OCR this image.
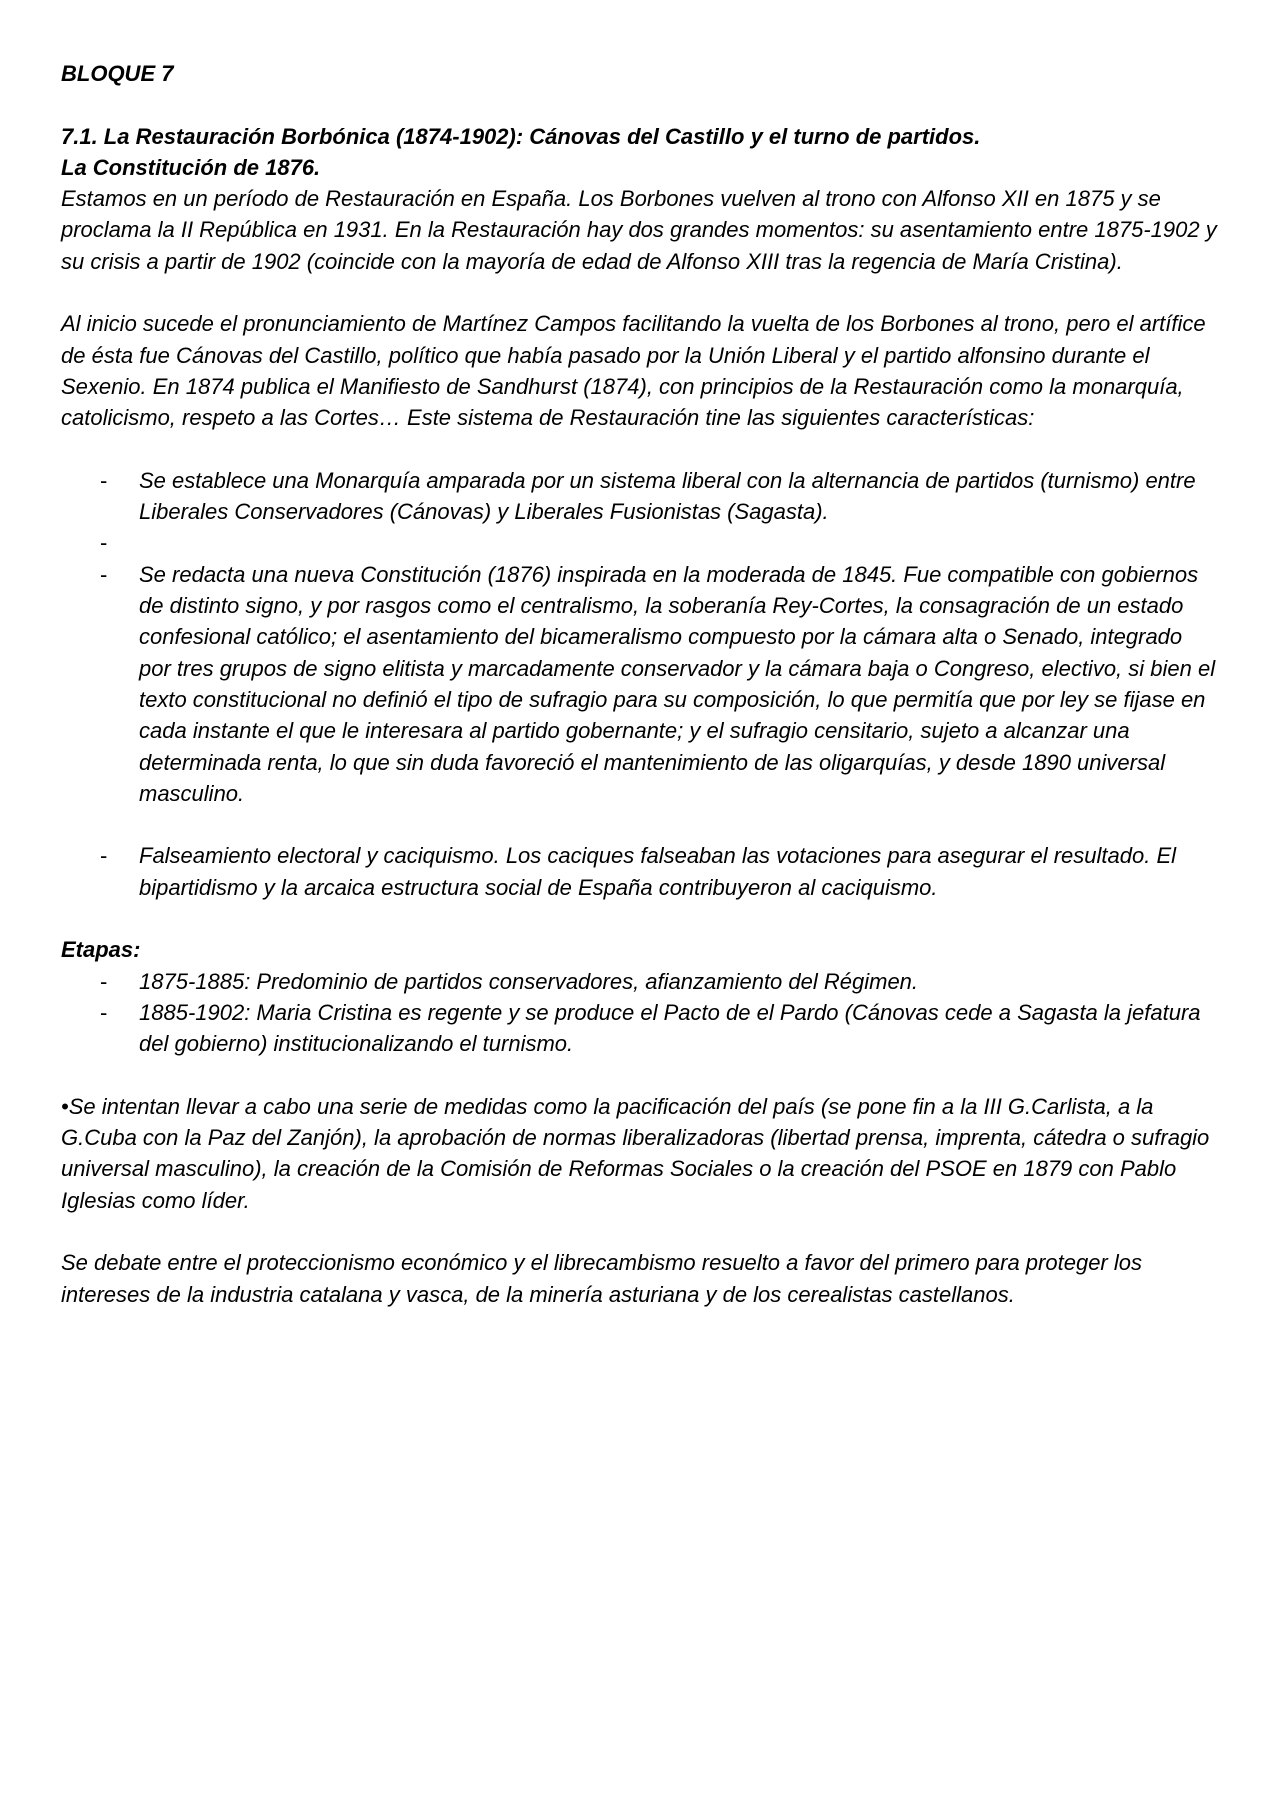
BLOQUE 7

7.1. La Restauración Borbónica (1874-1902): Cánovas del Castillo y el turno de partidos.

La Constitución de 1876.

Estamos en un período de Restauración en España. Los Borbones vuelven al trono con Alfonso XII en 1875 y se proclama la II República en 1931. En la Restauración hay dos grandes momentos: su asentamiento entre 1875-1902 y su crisis a partir de 1902 (coincide con la mayoría de edad de Alfonso XIII tras la regencia de María Cristina).

Al inicio sucede el pronunciamiento de Martínez Campos facilitando la vuelta de los Borbones al trono, pero el artífice de ésta fue Cánovas del Castillo, político que había pasado por la Unión Liberal y el partido alfonsino durante el Sexenio. En 1874 publica el Manifiesto de Sandhurst (1874), con principios de la Restauración como la monarquía, catolicismo, respeto a las Cortes… Este sistema de Restauración tine las siguientes características:

- Se establece una Monarquía amparada por un sistema liberal con la alternancia de partidos (turnismo) entre Liberales Conservadores (Cánovas) y Liberales Fusionistas (Sagasta).
-
- Se redacta una nueva Constitución (1876) inspirada en la moderada de 1845. Fue compatible con gobiernos de distinto signo, y por rasgos como el centralismo, la soberanía Rey-Cortes, la consagración de un estado confesional católico; el asentamiento del bicameralismo compuesto por la cámara alta o Senado, integrado por tres grupos de signo elitista y marcadamente conservador y la cámara baja o Congreso, electivo, si bien el texto constitucional no definió el tipo de sufragio para su composición, lo que permitía que por ley se fijase en cada instante el que le interesara al partido gobernante; y el sufragio censitario, sujeto a alcanzar una determinada renta, lo que sin duda favoreció el mantenimiento de las oligarquías, y desde 1890 universal masculino.
- Falseamiento electoral y caciquismo. Los caciques falseaban las votaciones para asegurar el resultado. El bipartidismo y la arcaica estructura social de España contribuyeron al caciquismo.

Etapas:

- 1875-1885: Predominio de partidos conservadores, afianzamiento del Régimen.
- 1885-1902: Maria Cristina es regente y se produce el Pacto de el Pardo (Cánovas cede a Sagasta la jefatura del gobierno) institucionalizando el turnismo.

•Se intentan llevar a cabo una serie de medidas como la pacificación del país (se pone fin a la III G.Carlista, a la G.Cuba con la Paz del Zanjón), la aprobación de normas liberalizadoras (libertad prensa, imprenta, cátedra o sufragio universal masculino), la creación de la Comisión de Reformas Sociales o la creación del PSOE en 1879 con Pablo Iglesias como líder.

Se debate entre el proteccionismo económico y el librecambismo resuelto a favor del primero para proteger los intereses de la industria catalana y vasca, de la minería asturiana y de los cerealistas castellanos.
